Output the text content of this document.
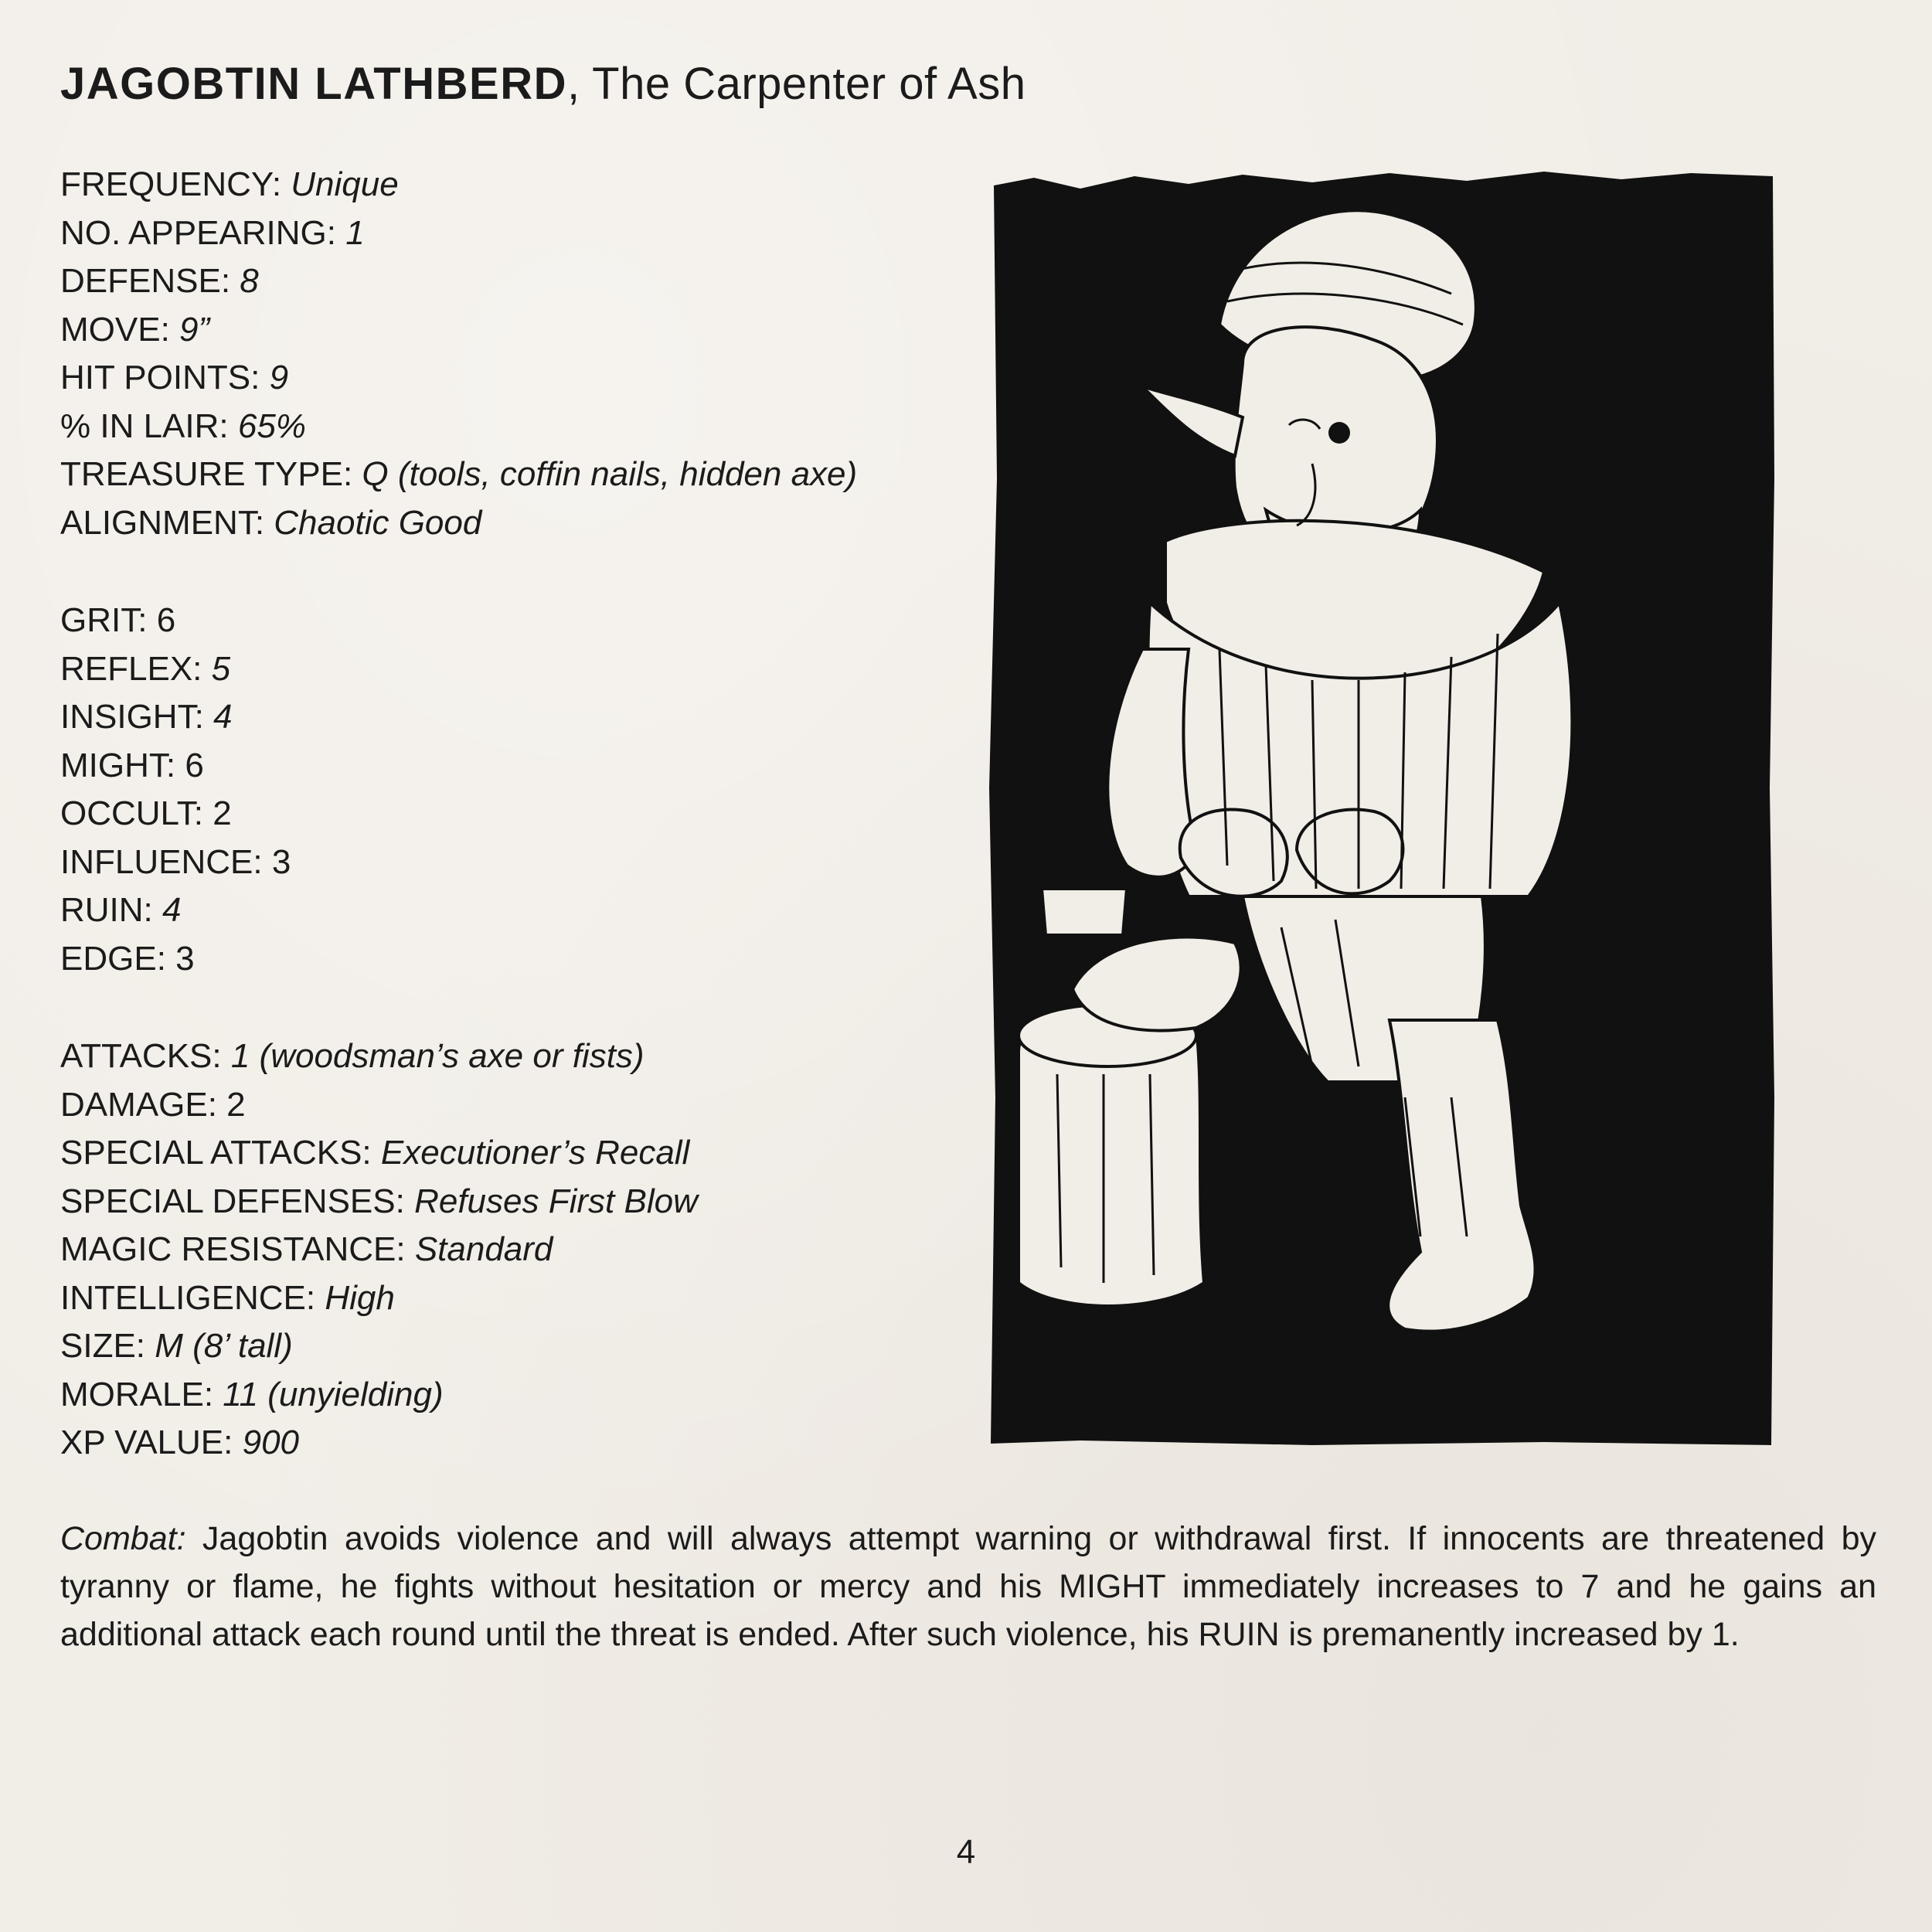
JAGOBTIN LATHBERD, The Carpenter of Ash
FREQUENCY: Unique
NO. APPEARING: 1
DEFENSE: 8
MOVE: 9”
HIT POINTS: 9
% IN LAIR: 65%
TREASURE TYPE: Q (tools, coffin nails, hidden axe)
ALIGNMENT: Chaotic Good
GRIT: 6
REFLEX: 5
INSIGHT: 4
MIGHT: 6
OCCULT: 2
INFLUENCE: 3
RUIN: 4
EDGE: 3
ATTACKS: 1 (woodsman’s axe or fists)
DAMAGE: 2
SPECIAL ATTACKS: Executioner’s Recall
SPECIAL DEFENSES: Refuses First Blow
MAGIC RESISTANCE: Standard
INTELLIGENCE: High
SIZE: M (8’ tall)
MORALE: 11 (unyielding)
XP VALUE: 900
Combat: Jagobtin avoids violence and will always attempt warning or withdrawal first. If innocents are threatened by tyranny or flame, he fights without hesitation or mercy and his MIGHT immediately increases to 7 and he gains an additional attack each round until the threat is ended. After such violence, his RUIN is premanently increased by 1.
4
